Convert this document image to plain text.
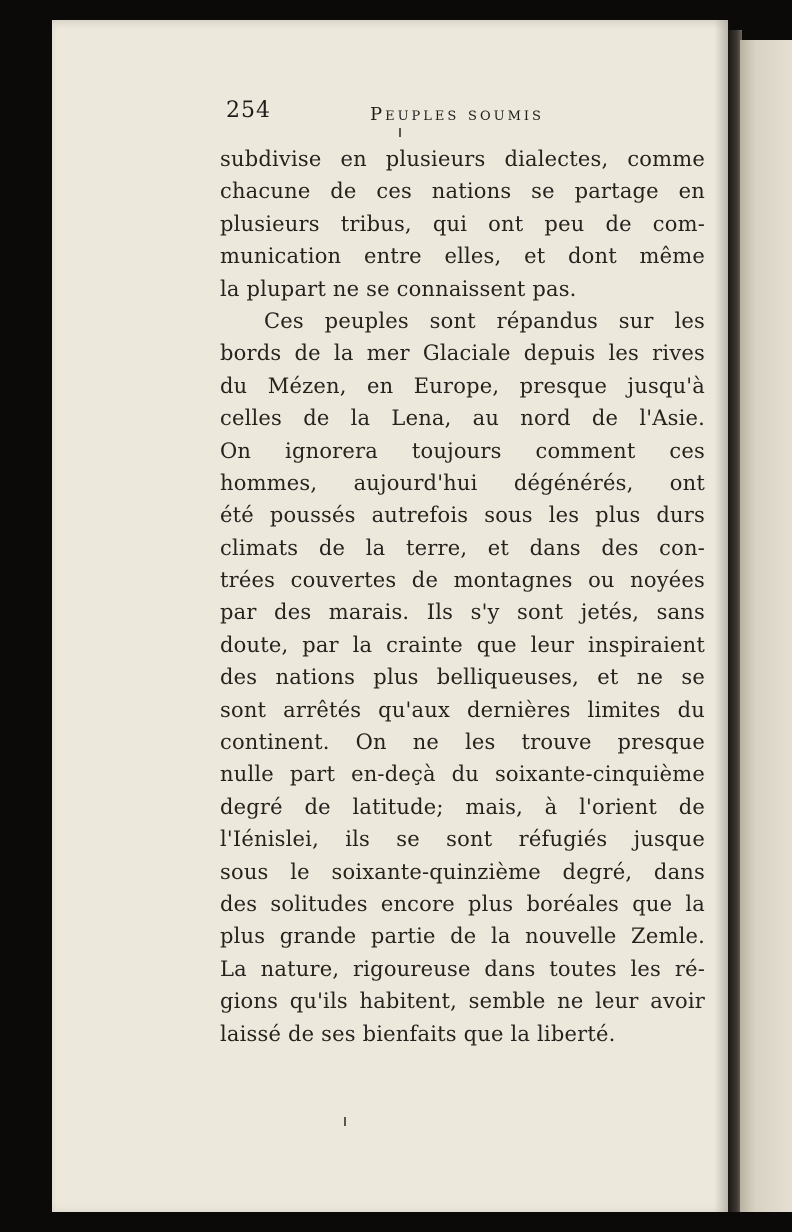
254	Peuples soumis
subdivise en plusieurs dialectes, comme
chacune de ces nations se partage en
plusieurs tribus, qui ont peu de com-
munication entre elles, et dont même
la plupart ne se connaissent pas.
Ces peuples sont répandus sur les
bords de la mer Glaciale depuis les rives
du Mézen, en Europe, presque jusqu'à
celles de la Lena, au nord de l'Asie.
On ignorera toujours comment ces
hommes, aujourd'hui dégénérés, ont
été poussés autrefois sous les plus durs
climats de la terre, et dans des con-
trées couvertes de montagnes ou noyées
par des marais. Ils s'y sont jetés, sans
doute, par la crainte que leur inspiraient
des nations plus belliqueuses, et ne se
sont arrêtés qu'aux dernières limites du
continent. On ne les trouve presque
nulle part en-deçà du soixante-cinquième
degré de latitude; mais, à l'orient de
l'Iénislei, ils se sont réfugiés jusque
sous le soixante-quinzième degré, dans
des solitudes encore plus boréales que la
plus grande partie de la nouvelle Zemle.
La nature, rigoureuse dans toutes les ré-
gions qu'ils habitent, semble ne leur avoir
laissé de ses bienfaits que la liberté.
